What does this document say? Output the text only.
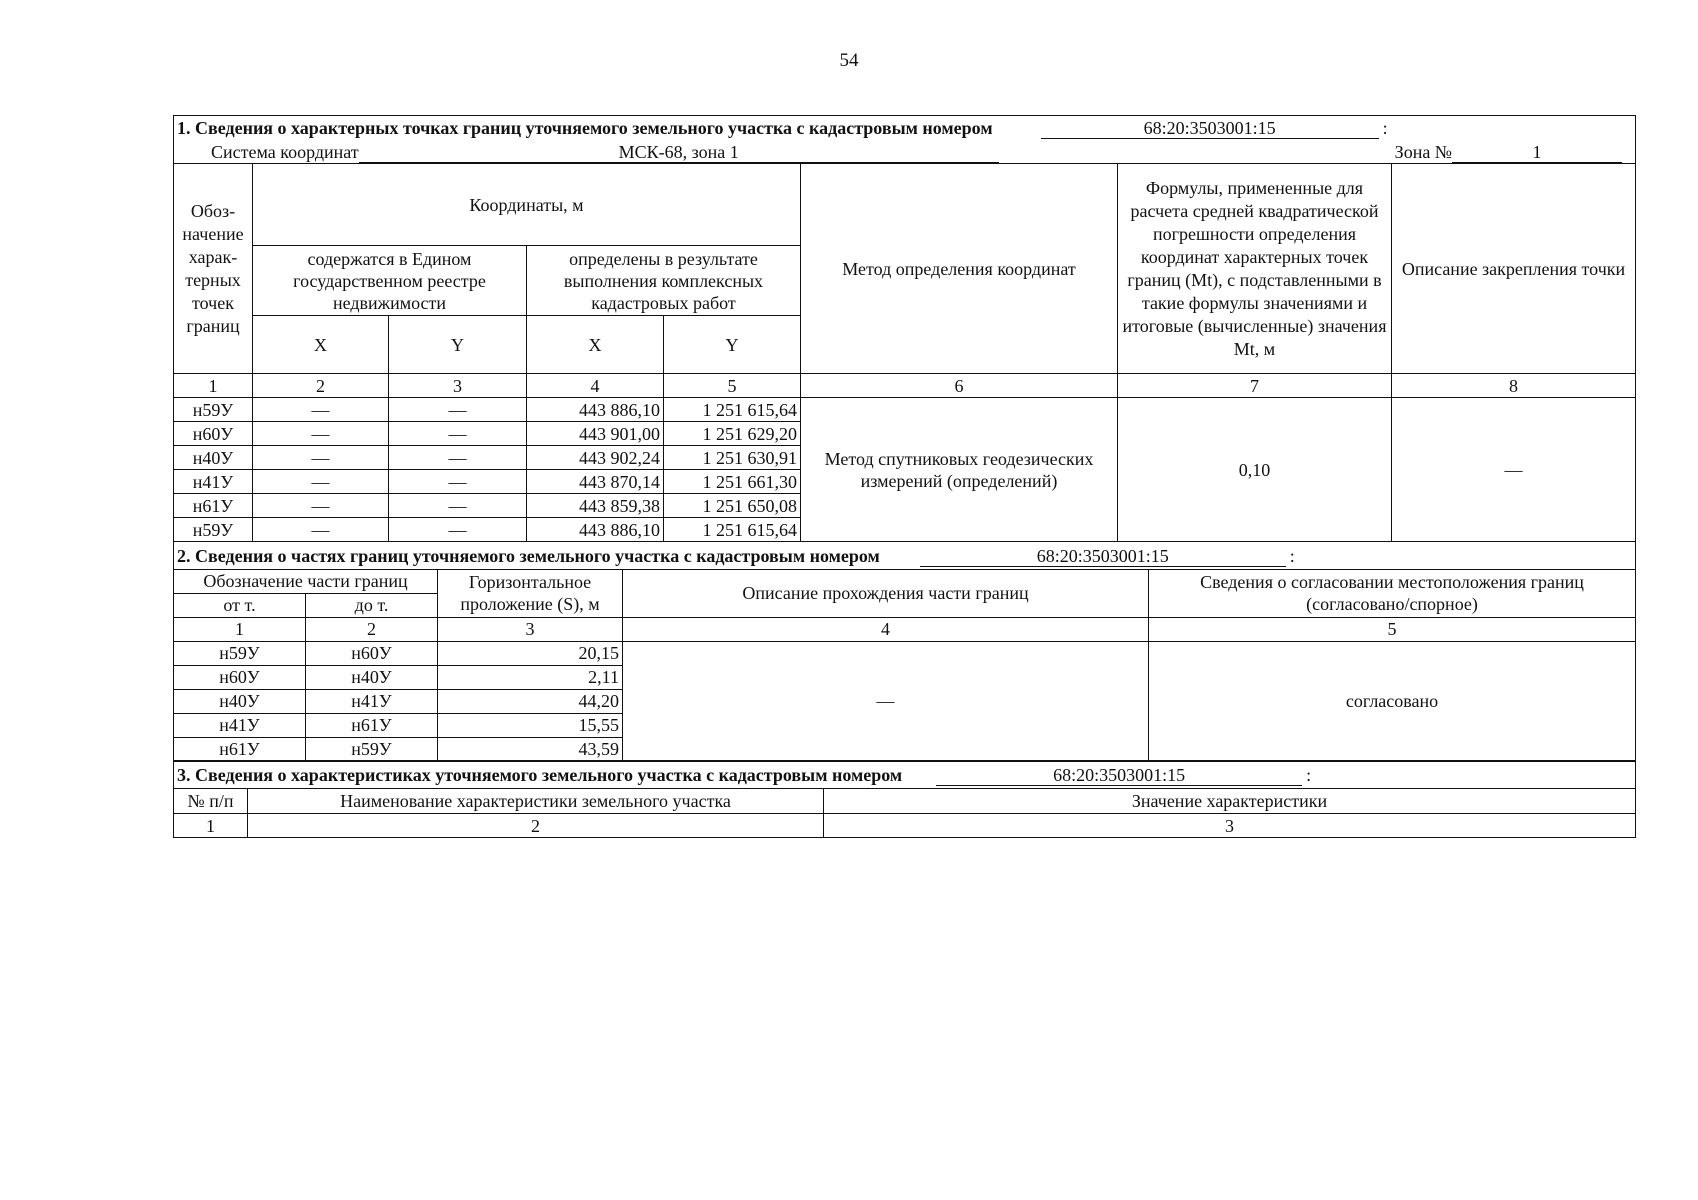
54
1. Сведения о характерных точках границ уточняемого земельного участка с кадастровым номером 68:20:3503001:15 :							

Система координат МСК-68, зона 1 Зона № 1							

Обоз-начение харак-терных точек границ	Координаты, м				Метод определения координат	Формулы, примененные для расчета средней квадратической погрешности определения координат характерных точек границ (Mt), с подставленными в такие формулы значениями и итоговые (вычисленные) значения Mt, м	Описание закрепления точки
	содержатся в Едином государственном реестре недвижимости		определены в результате выполнения комплексных кадастровых работ				
	X	Y	X	Y			
1	2	3	4	5	6	7	8
н59У	—	—	443 886,10	1 251 615,64	Метод спутниковых геодезических измерений (определений)	0,10	—
н60У	—	—	443 901,00	1 251 629,20			
н40У	—	—	443 902,24	1 251 630,91			
н41У	—	—	443 870,14	1 251 661,30			
н61У	—	—	443 859,38	1 251 650,08			
н59У	—	—	443 886,10	1 251 615,64			
2. Сведения о частях границ уточняемого земельного участка с кадастровым номером 68:20:3503001:15 :				

Обозначение части границ		Горизонтальное проложение (S), м	Описание прохождения части границ	Сведения о согласовании местоположения границ (согласовано/спорное)
от т.	до т.			
1	2	3	4	5
н59У	н60У	20,15	—	согласовано
н60У	н40У	2,11		
н40У	н41У	44,20		
н41У	н61У	15,55		
н61У	н59У	43,59		
3. Сведения о характеристиках уточняемого земельного участка с кадастровым номером 68:20:3503001:15 :		

№ п/п	Наименование характеристики земельного участка	Значение характеристики
1	2	3
